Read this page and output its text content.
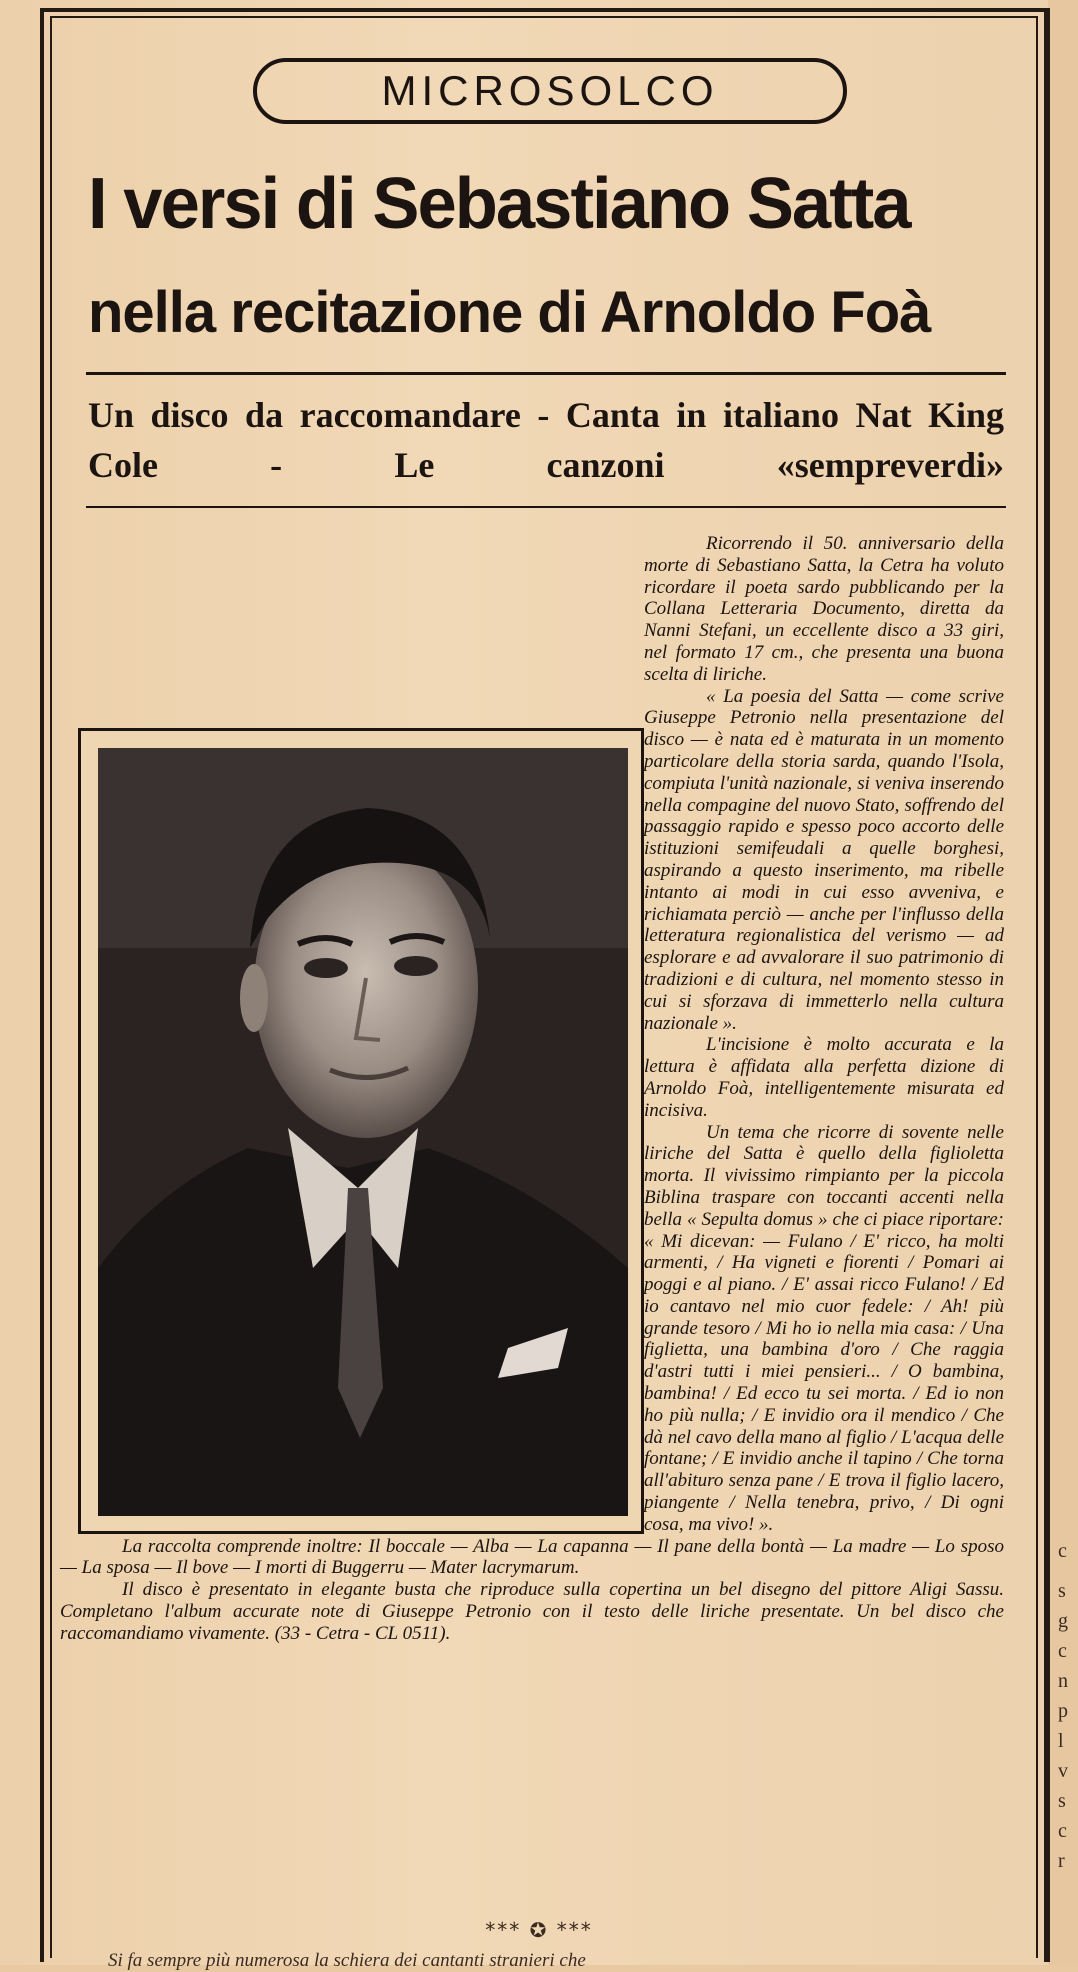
c
s
g
c
n
p
l
v
s
c
r
MICROSOLCO
I versi di Sebastiano Satta
nella recitazione di Arnoldo Foà
Un disco da raccomandare - Canta in italiano Nat King Cole - Le canzoni «sempreverdi»

Ricorrendo il 50. anniversario della morte di Sebastiano Satta, la Cetra ha voluto ricordare il poeta sardo pubblicando per la Collana Letteraria Documento, diretta da Nanni Stefani, un eccellente disco a 33 giri, nel formato 17 cm., che presenta una buona scelta di liriche.

« La poesia del Satta — come scrive Giuseppe Petronio nella presentazione del disco — è nata ed è maturata in un momento particolare della storia sarda, quando l'Isola, compiuta l'unità nazionale, si veniva inserendo nella compagine del nuovo Stato, soffrendo del passaggio rapido e spesso poco accorto delle istituzioni semifeudali a quelle borghesi, aspirando a questo inserimento, ma ribelle intanto ai modi in cui esso avveniva, e richiamata perciò — anche per l'influsso della letteratura regionalistica del verismo — ad esplorare e ad avvalorare il suo patrimonio di tradizioni e di cultura, nel momento stesso in cui si sforzava di immetterlo nella cultura nazionale ».

L'incisione è molto accurata e la lettura è affidata alla perfetta dizione di Arnoldo Foà, intelligentemente misurata ed incisiva.

Un tema che ricorre di sovente nelle liriche del Satta è quello della figlioletta morta. Il vivissimo rimpianto per la piccola Biblina traspare con toccanti accenti nella bella « Sepulta domus » che ci piace riportare: « Mi dicevan: — Fulano / E' ricco, ha molti armenti, / Ha vigneti e fiorenti / Pomari ai poggi e al piano. / E' assai ricco Fulano! / Ed io cantavo nel mio cuor fedele: / Ah! più grande tesoro / Mi ho io nella mia casa: / Una figlietta, una bambina d'oro / Che raggia d'astri tutti i miei pensieri... / O bambina, bambina! / Ed ecco tu sei morta. / Ed io non ho più nulla; / E invidio ora il mendico / Che dà nel cavo della mano al figlio / L'acqua delle fontane; / E invidio anche il tapino / Che torna all'abituro senza pane / E trova il figlio lacero, piangente / Nella tenebra, privo, / Di ogni cosa, ma vivo! ».

La raccolta comprende inoltre: Il boccale — Alba — La capanna — Il pane della bontà — La madre — Lo sposo — La sposa — Il bove — I morti di Buggerru — Mater lacrymarum.

Il disco è presentato in elegante busta che riproduce sulla copertina un bel disegno del pittore Aligi Sassu. Completano l'album accurate note di Giuseppe Petronio con il testo delle liriche presentate. Un bel disco che raccomandiamo vivamente. (33 - Cetra - CL 0511).

*** ✪ ***
Si fa sempre più numerosa la schiera dei cantanti stranieri che
